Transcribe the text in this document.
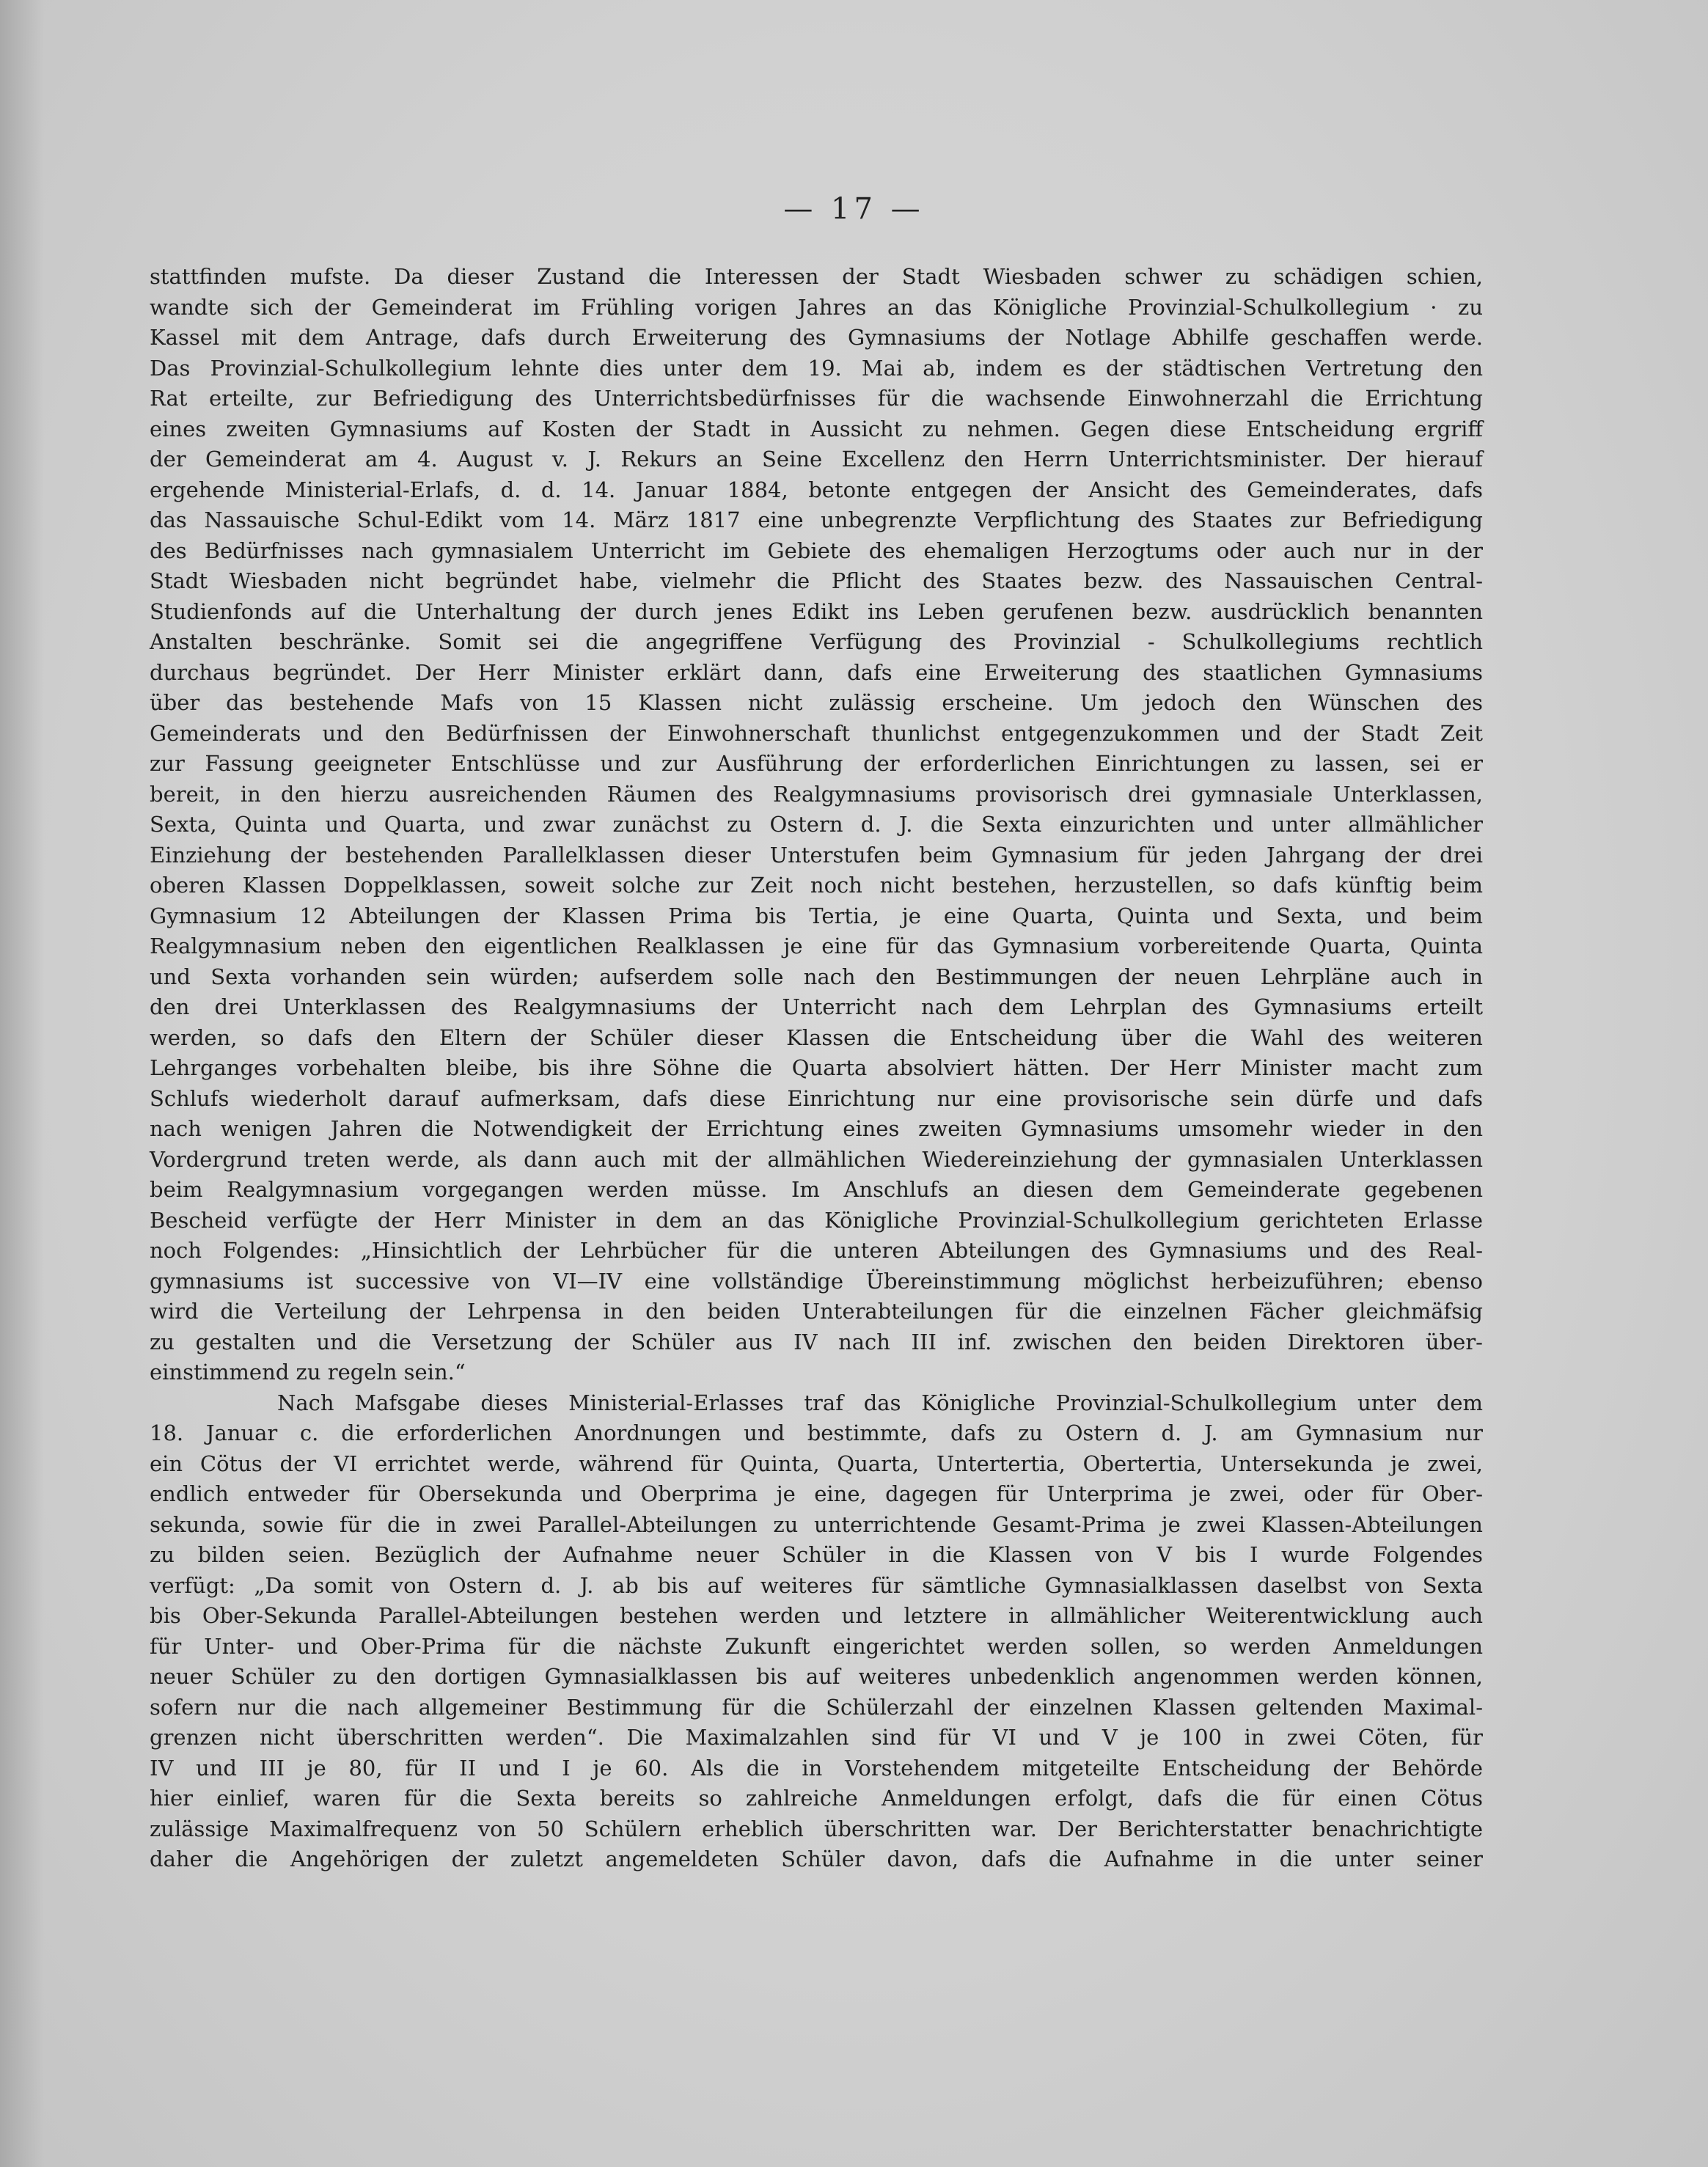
— 17 —
stattfinden mufste. Da dieser Zustand die Interessen der Stadt Wiesbaden schwer zu schädigen schien,
wandte sich der Gemeinderat im Frühling vorigen Jahres an das Königliche Provinzial-Schulkollegium · zu
Kassel mit dem Antrage, dafs durch Erweiterung des Gymnasiums der Notlage Abhilfe geschaffen werde.
Das Provinzial-Schulkollegium lehnte dies unter dem 19. Mai ab, indem es der städtischen Vertretung den
Rat erteilte, zur Befriedigung des Unterrichtsbedürfnisses für die wachsende Einwohnerzahl die Errichtung
eines zweiten Gymnasiums auf Kosten der Stadt in Aussicht zu nehmen. Gegen diese Entscheidung ergriff
der Gemeinderat am 4. August v. J. Rekurs an Seine Excellenz den Herrn Unterrichtsminister. Der hierauf
ergehende Ministerial-Erlafs, d. d. 14. Januar 1884, betonte entgegen der Ansicht des Gemeinderates, dafs
das Nassauische Schul-Edikt vom 14. März 1817 eine unbegrenzte Verpflichtung des Staates zur Befriedigung
des Bedürfnisses nach gymnasialem Unterricht im Gebiete des ehemaligen Herzogtums oder auch nur in der
Stadt Wiesbaden nicht begründet habe, vielmehr die Pflicht des Staates bezw. des Nassauischen Central-
Studienfonds auf die Unterhaltung der durch jenes Edikt ins Leben gerufenen bezw. ausdrücklich benannten
Anstalten beschränke. Somit sei die angegriffene Verfügung des Provinzial - Schulkollegiums rechtlich
durchaus begründet. Der Herr Minister erklärt dann, dafs eine Erweiterung des staatlichen Gymnasiums
über das bestehende Mafs von 15 Klassen nicht zulässig erscheine. Um jedoch den Wünschen des
Gemeinderats und den Bedürfnissen der Einwohnerschaft thunlichst entgegenzukommen und der Stadt Zeit
zur Fassung geeigneter Entschlüsse und zur Ausführung der erforderlichen Einrichtungen zu lassen, sei er
bereit, in den hierzu ausreichenden Räumen des Realgymnasiums provisorisch drei gymnasiale Unterklassen,
Sexta, Quinta und Quarta, und zwar zunächst zu Ostern d. J. die Sexta einzurichten und unter allmählicher
Einziehung der bestehenden Parallelklassen dieser Unterstufen beim Gymnasium für jeden Jahrgang der drei
oberen Klassen Doppelklassen, soweit solche zur Zeit noch nicht bestehen, herzustellen, so dafs künftig beim
Gymnasium 12 Abteilungen der Klassen Prima bis Tertia, je eine Quarta, Quinta und Sexta, und beim
Realgymnasium neben den eigentlichen Realklassen je eine für das Gymnasium vorbereitende Quarta, Quinta
und Sexta vorhanden sein würden; aufserdem solle nach den Bestimmungen der neuen Lehrpläne auch in
den drei Unterklassen des Realgymnasiums der Unterricht nach dem Lehrplan des Gymnasiums erteilt
werden, so dafs den Eltern der Schüler dieser Klassen die Entscheidung über die Wahl des weiteren
Lehrganges vorbehalten bleibe, bis ihre Söhne die Quarta absolviert hätten. Der Herr Minister macht zum
Schlufs wiederholt darauf aufmerksam, dafs diese Einrichtung nur eine provisorische sein dürfe und dafs
nach wenigen Jahren die Notwendigkeit der Errichtung eines zweiten Gymnasiums umsomehr wieder in den
Vordergrund treten werde, als dann auch mit der allmählichen Wiedereinziehung der gymnasialen Unterklassen
beim Realgymnasium vorgegangen werden müsse. Im Anschlufs an diesen dem Gemeinderate gegebenen
Bescheid verfügte der Herr Minister in dem an das Königliche Provinzial-Schulkollegium gerichteten Erlasse
noch Folgendes: „Hinsichtlich der Lehrbücher für die unteren Abteilungen des Gymnasiums und des Real-
gymnasiums ist successive von VI—IV eine vollständige Übereinstimmung möglichst herbeizuführen; ebenso
wird die Verteilung der Lehrpensa in den beiden Unterabteilungen für die einzelnen Fächer gleichmäfsig
zu gestalten und die Versetzung der Schüler aus IV nach III inf. zwischen den beiden Direktoren über-
einstimmend zu regeln sein.“
Nach Mafsgabe dieses Ministerial-Erlasses traf das Königliche Provinzial-Schulkollegium unter dem
18. Januar c. die erforderlichen Anordnungen und bestimmte, dafs zu Ostern d. J. am Gymnasium nur
ein Cötus der VI errichtet werde, während für Quinta, Quarta, Untertertia, Obertertia, Untersekunda je zwei,
endlich entweder für Obersekunda und Oberprima je eine, dagegen für Unterprima je zwei, oder für Ober-
sekunda, sowie für die in zwei Parallel-Abteilungen zu unterrichtende Gesamt-Prima je zwei Klassen-Abteilungen
zu bilden seien. Bezüglich der Aufnahme neuer Schüler in die Klassen von V bis I wurde Folgendes
verfügt: „Da somit von Ostern d. J. ab bis auf weiteres für sämtliche Gymnasialklassen daselbst von Sexta
bis Ober-Sekunda Parallel-Abteilungen bestehen werden und letztere in allmählicher Weiterentwicklung auch
für Unter- und Ober-Prima für die nächste Zukunft eingerichtet werden sollen, so werden Anmeldungen
neuer Schüler zu den dortigen Gymnasialklassen bis auf weiteres unbedenklich angenommen werden können,
sofern nur die nach allgemeiner Bestimmung für die Schülerzahl der einzelnen Klassen geltenden Maximal-
grenzen nicht überschritten werden“. Die Maximalzahlen sind für VI und V je 100 in zwei Cöten, für
IV und III je 80, für II und I je 60. Als die in Vorstehendem mitgeteilte Entscheidung der Behörde
hier einlief, waren für die Sexta bereits so zahlreiche Anmeldungen erfolgt, dafs die für einen Cötus
zulässige Maximalfrequenz von 50 Schülern erheblich überschritten war. Der Berichterstatter benachrichtigte
daher die Angehörigen der zuletzt angemeldeten Schüler davon, dafs die Aufnahme in die unter seiner
